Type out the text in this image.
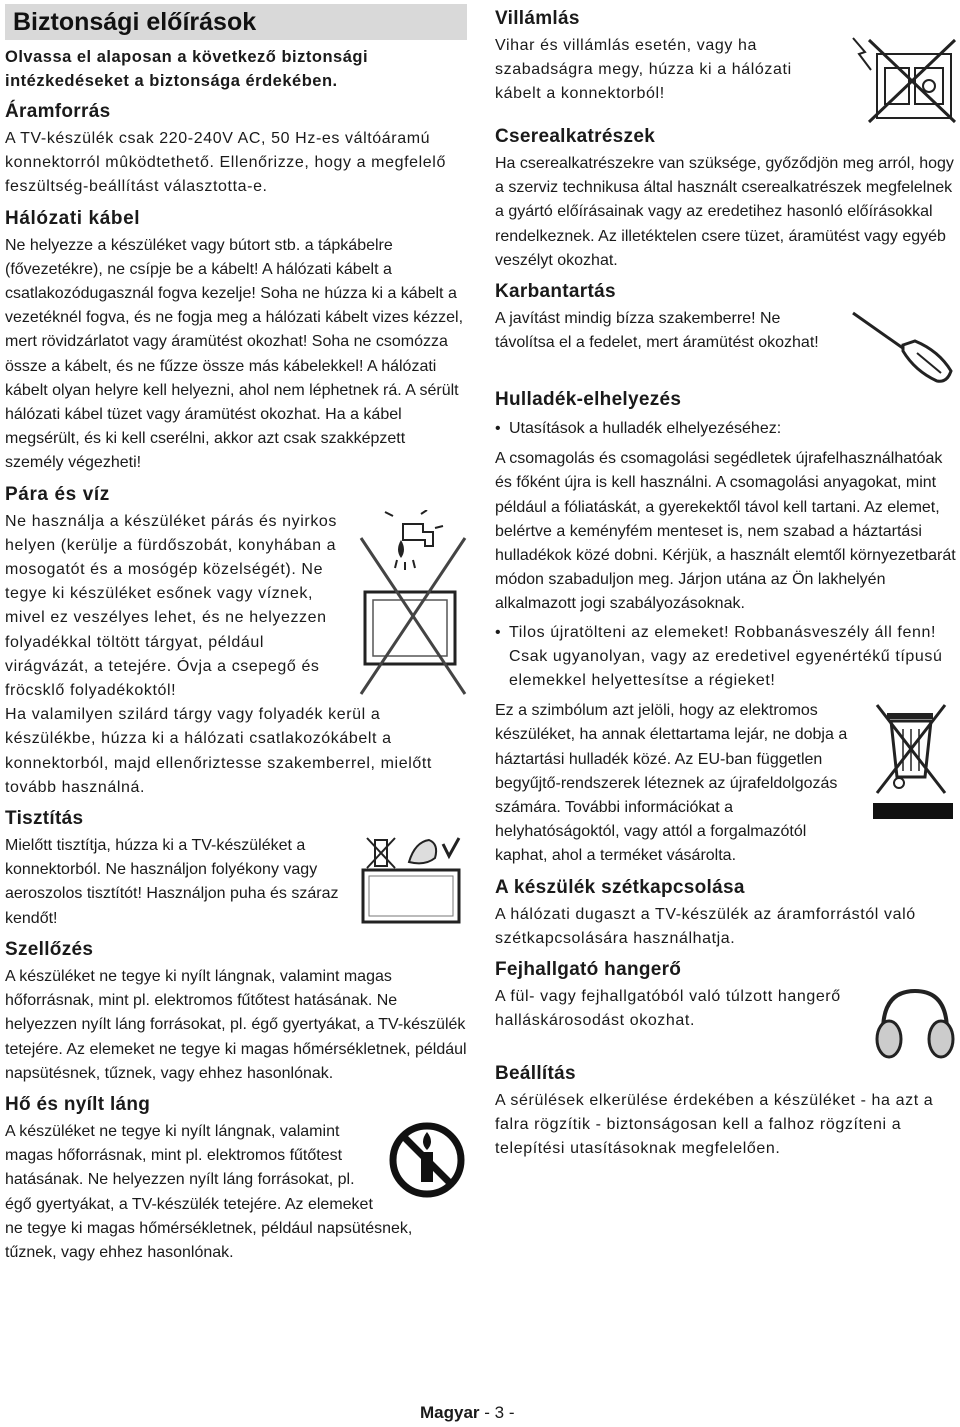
Biztonsági előírások

Olvassa el alaposan a következő biztonsági intézkedéseket a biztonsága érdekében.

Áramforrás

A TV-készülék csak 220-240V AC, 50 Hz-es váltóáramú konnektorról mûködtethető. Ellenőrizze, hogy a megfelelő feszültség-beállítást választotta-e.

Hálózati kábel

Ne helyezze a készüléket vagy bútort stb. a tápkábelre (fővezetékre), ne csípje be a kábelt! A hálózati kábelt a csatlakozódugasznál fogva kezelje! Soha ne húzza ki a kábelt a vezetéknél fogva, és ne fogja meg a hálózati kábelt vizes kézzel, mert rövidzárlatot vagy áramütést okozhat! Soha ne csomózza össze a kábelt, és ne fűzze össze más kábelekkel! A hálózati kábelt olyan helyre kell helyezni, ahol nem léphetnek rá. A sérült hálózati kábel tüzet vagy áramütést okozhat. Ha a kábel megsérült, és ki kell cserélni, akkor azt csak szakképzett személy végezheti!

Pára és víz

Ne használja a készüléket párás és nyirkos helyen (kerülje a fürdőszobát, konyhában a mosogatót és a mosógép közelségét). Ne tegye ki készüléket esőnek vagy víznek, mivel ez veszélyes lehet, és ne helyezzen folyadékkal töltött tárgyat, például virágvázát, a tetejére. Óvja a csepegő és fröcsklő folyadékoktól!

Ha valamilyen szilárd tárgy vagy folyadék kerül a készülékbe, húzza ki a hálózati csatlakozókábelt a konnektorból, majd ellenőriztesse szakemberrel, mielőtt tovább használná.

Tisztítás

Mielőtt tisztítja, húzza ki a TV-készüléket a konnektorból. Ne használjon folyékony vagy aeroszolos tisztítót! Használjon puha és száraz kendőt!

Szellőzés

A készüléket ne tegye ki nyílt lángnak, valamint magas hőforrásnak, mint pl. elektromos fűtőtest hatásának. Ne helyezzen nyílt láng forrásokat, pl. égő gyertyákat, a TV-készülék tetejére. Az elemeket ne tegye ki magas hőmérsékletnek, például napsütésnek, tűznek, vagy ehhez hasonlónak.

Hő és nyílt láng

A készüléket ne tegye ki nyílt lángnak, valamint magas hőforrásnak, mint pl. elektromos fűtőtest hatásának. Ne helyezzen nyílt láng forrásokat, pl. égő gyertyákat, a TV-készülék tetejére. Az elemeket ne tegye ki magas hőmérsékletnek, például napsütésnek, tűznek, vagy ehhez hasonlónak.

Villámlás

Vihar és villámlás esetén, vagy ha szabadságra megy, húzza ki a hálózati kábelt a konnektorból!

Cserealkatrészek

Ha cserealkatrészekre van szüksége, győződjön meg arról, hogy a szerviz technikusa által használt cserealkatrészek megfelelnek a gyártó előírásainak vagy az eredetihez hasonló előírásokkal rendelkeznek. Az illetéktelen csere tüzet, áramütést vagy egyéb veszélyt okozhat.

Karbantartás

A javítást mindig bízza szakemberre! Ne távolítsa el a fedelet, mert áramütést okozhat!

Hulladék-elhelyezés
• Utasítások a hulladék elhelyezéséhez:

A csomagolás és csomagolási segédletek újrafelhasználhatóak és főként újra is kell használni. A csomagolási anyagokat, mint például a fóliatáskát, a gyerekektől távol kell tartani. Az elemet, belértve a keményfém menteset is, nem szabad a háztartási hulladékok közé dobni. Kérjük, a használt elemtől környezetbarát módon szabaduljon meg. Járjon utána az Ön lakhelyén alkalmazott jogi szabályozásoknak.

• Tilos újratölteni az elemeket! Robbanásveszély áll fenn! Csak ugyanolyan, vagy az eredetivel egyenértékű típusú elemekkel helyettesítse a régieket!

Ez a szimbólum azt jelöli, hogy az elektromos készüléket, ha annak élettartama lejár, ne dobja a háztartási hulladék közé. Az EU-ban független begyűjtő-rendszerek léteznek az újrafeldolgozás számára. További információkat a helyhatóságoktól, vagy attól a forgalmazótól kaphat, ahol a terméket vásárolta.

A készülék szétkapcsolása

A hálózati dugaszt a TV-készülék az áramforrástól való szétkapcsolására használhatja.

Fejhallgató hangerő

A fül- vagy fejhallgatóból való túlzott hangerő halláskárosodást okozhat.

Beállítás

A sérülések elkerülése érdekében a készüléket - ha azt a falra rögzítik - biztonságosan kell a falhoz rögzíteni a telepítési utasításoknak megfelelően.

Magyar - 3 -
